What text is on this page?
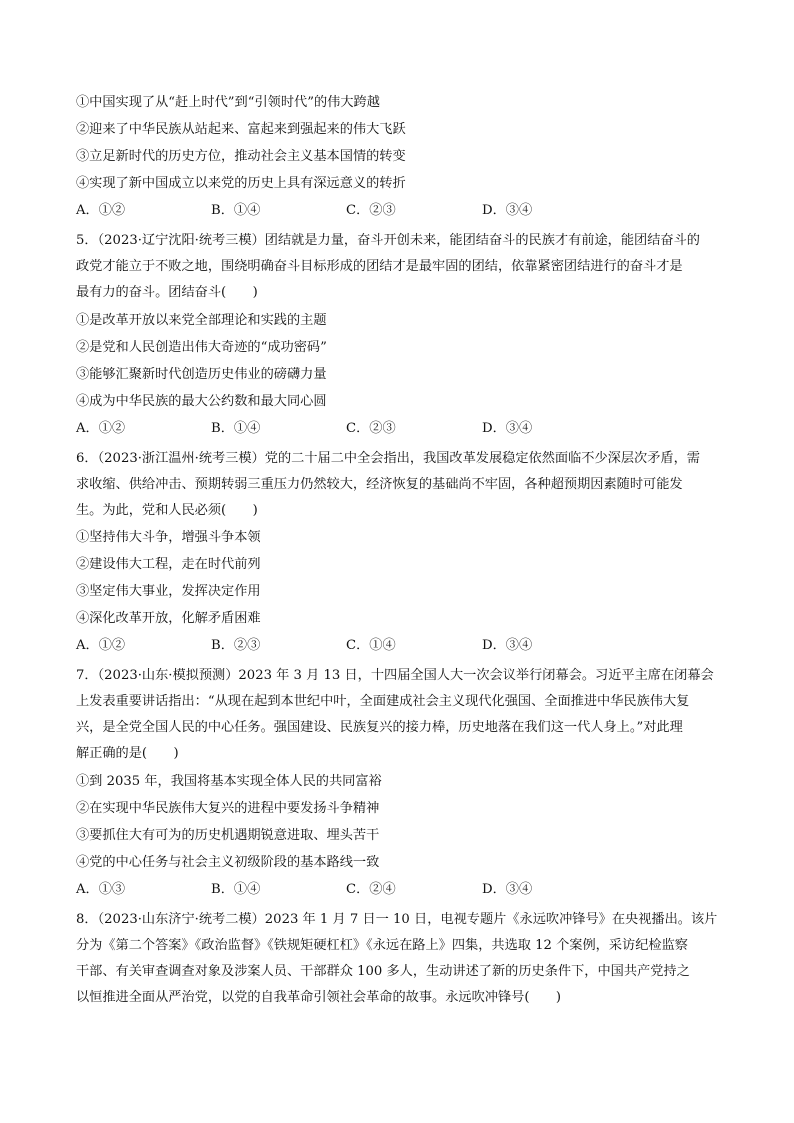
①中国实现了从“赶上时代”到“引领时代”的伟大跨越
②迎来了中华民族从站起来、富起来到强起来的伟大飞跃
③立足新时代的历史方位，推动社会主义基本国情的转变
④实现了新中国成立以来党的历史上具有深远意义的转折
A．①②	B．①④	C．②③	D．③④
5．（2023·辽宁沈阳·统考三模）团结就是力量，奋斗开创未来，能团结奋斗的民族才有前途，能团结奋斗的
政党才能立于不败之地，围绕明确奋斗目标形成的团结才是最牢固的团结，依靠紧密团结进行的奋斗才是
最有力的奋斗。团结奋斗(　　)
①是改革开放以来党全部理论和实践的主题
②是党和人民创造出伟大奇迹的“成功密码”
③能够汇聚新时代创造历史伟业的磅礴力量
④成为中华民族的最大公约数和最大同心圆
A．①②	B．①④	C．②③	D．③④
6．（2023·浙江温州·统考三模）党的二十届二中全会指出，我国改革发展稳定依然面临不少深层次矛盾，需
求收缩、供给冲击、预期转弱三重压力仍然较大，经济恢复的基础尚不牢固，各种超预期因素随时可能发
生。为此，党和人民必须(　　)
①坚持伟大斗争，增强斗争本领
②建设伟大工程，走在时代前列
③坚定伟大事业，发挥决定作用
④深化改革开放，化解矛盾困难
A．①②	B．②③	C．①④	D．③④
7．（2023·山东·模拟预测）2023 年 3 月 13 日，十四届全国人大一次会议举行闭幕会。习近平主席在闭幕会
上发表重要讲话指出：“从现在起到本世纪中叶，全面建成社会主义现代化强国、全面推进中华民族伟大复
兴，是全党全国人民的中心任务。强国建设、民族复兴的接力棒，历史地落在我们这一代人身上。”对此理
解正确的是(　　)
①到 2035 年，我国将基本实现全体人民的共同富裕
②在实现中华民族伟大复兴的进程中要发扬斗争精神
③要抓住大有可为的历史机遇期锐意进取、埋头苦干
④党的中心任务与社会主义初级阶段的基本路线一致
A．①③	B．①④	C．②④	D．③④
8．（2023·山东济宁·统考二模）2023 年 1 月 7 日一 10 日，电视专题片《永远吹冲锋号》在央视播出。该片
分为《第二个答案》《政治监督》《铁规矩硬杠杠》《永远在路上》四集，共选取 12 个案例，采访纪检监察
干部、有关审查调查对象及涉案人员、干部群众 100 多人，生动讲述了新的历史条件下，中国共产党持之
以恒推进全面从严治党，以党的自我革命引领社会革命的故事。永远吹冲锋号(　　)
